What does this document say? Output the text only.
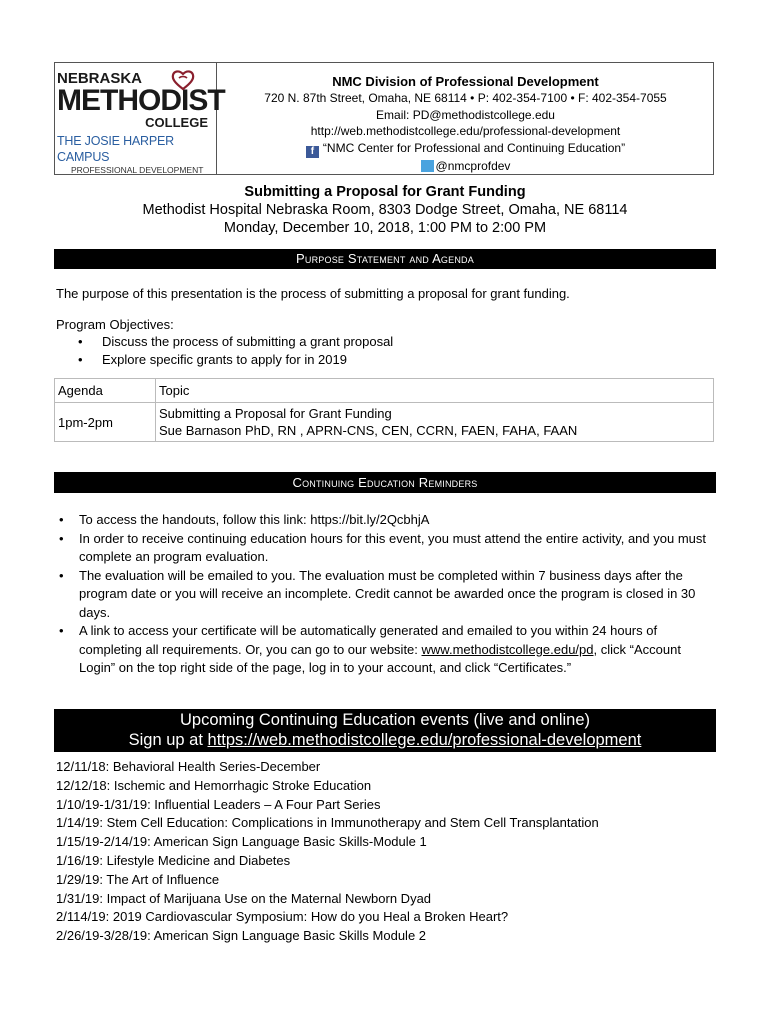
NEBRASKA
METHODIST
COLLEGE
THE JOSIE HARPER CAMPUS
PROFESSIONAL DEVELOPMENT
NMC Division of Professional Development
720 N. 87th Street, Omaha, NE 68114 • P: 402-354-7100 • F: 402-354-7055
Email: PD@methodistcollege.edu
http://web.methodistcollege.edu/professional-development
f “NMC Center for Professional and Continuing Education”
@nmcprofdev
Submitting a Proposal for Grant Funding
Methodist Hospital Nebraska Room, 8303 Dodge Street, Omaha, NE 68114
Monday, December 10, 2018, 1:00 PM to 2:00 PM
Purpose Statement and Agenda
The purpose of this presentation is the process of submitting a proposal for grant funding.
Program Objectives:
• Discuss the process of submitting a grant proposal
• Explore specific grants to apply for in 2019
Agenda	Topic
1pm-2pm	Submitting a Proposal for Grant Funding
Sue Barnason PhD, RN , APRN-CNS, CEN, CCRN, FAEN, FAHA, FAAN
Continuing Education Reminders
• To access the handouts, follow this link: https://bit.ly/2QcbhjA
• In order to receive continuing education hours for this event, you must attend the entire activity, and you must complete an program evaluation.
• The evaluation will be emailed to you. The evaluation must be completed within 7 business days after the program date or you will receive an incomplete. Credit cannot be awarded once the program is closed in 30 days.
• A link to access your certificate will be automatically generated and emailed to you within 24 hours of completing all requirements. Or, you can go to our website: www.methodistcollege.edu/pd, click “Account Login” on the top right side of the page, log in to your account, and click “Certificates.”
Upcoming Continuing Education events (live and online)
Sign up at https://web.methodistcollege.edu/professional-development
12/11/18: Behavioral Health Series-December
12/12/18: Ischemic and Hemorrhagic Stroke Education
1/10/19-1/31/19: Influential Leaders – A Four Part Series
1/14/19: Stem Cell Education: Complications in Immunotherapy and Stem Cell Transplantation
1/15/19-2/14/19: American Sign Language Basic Skills-Module 1
1/16/19: Lifestyle Medicine and Diabetes
1/29/19: The Art of Influence
1/31/19: Impact of Marijuana Use on the Maternal Newborn Dyad
2/114/19: 2019 Cardiovascular Symposium: How do you Heal a Broken Heart?
2/26/19-3/28/19: American Sign Language Basic Skills Module 2
